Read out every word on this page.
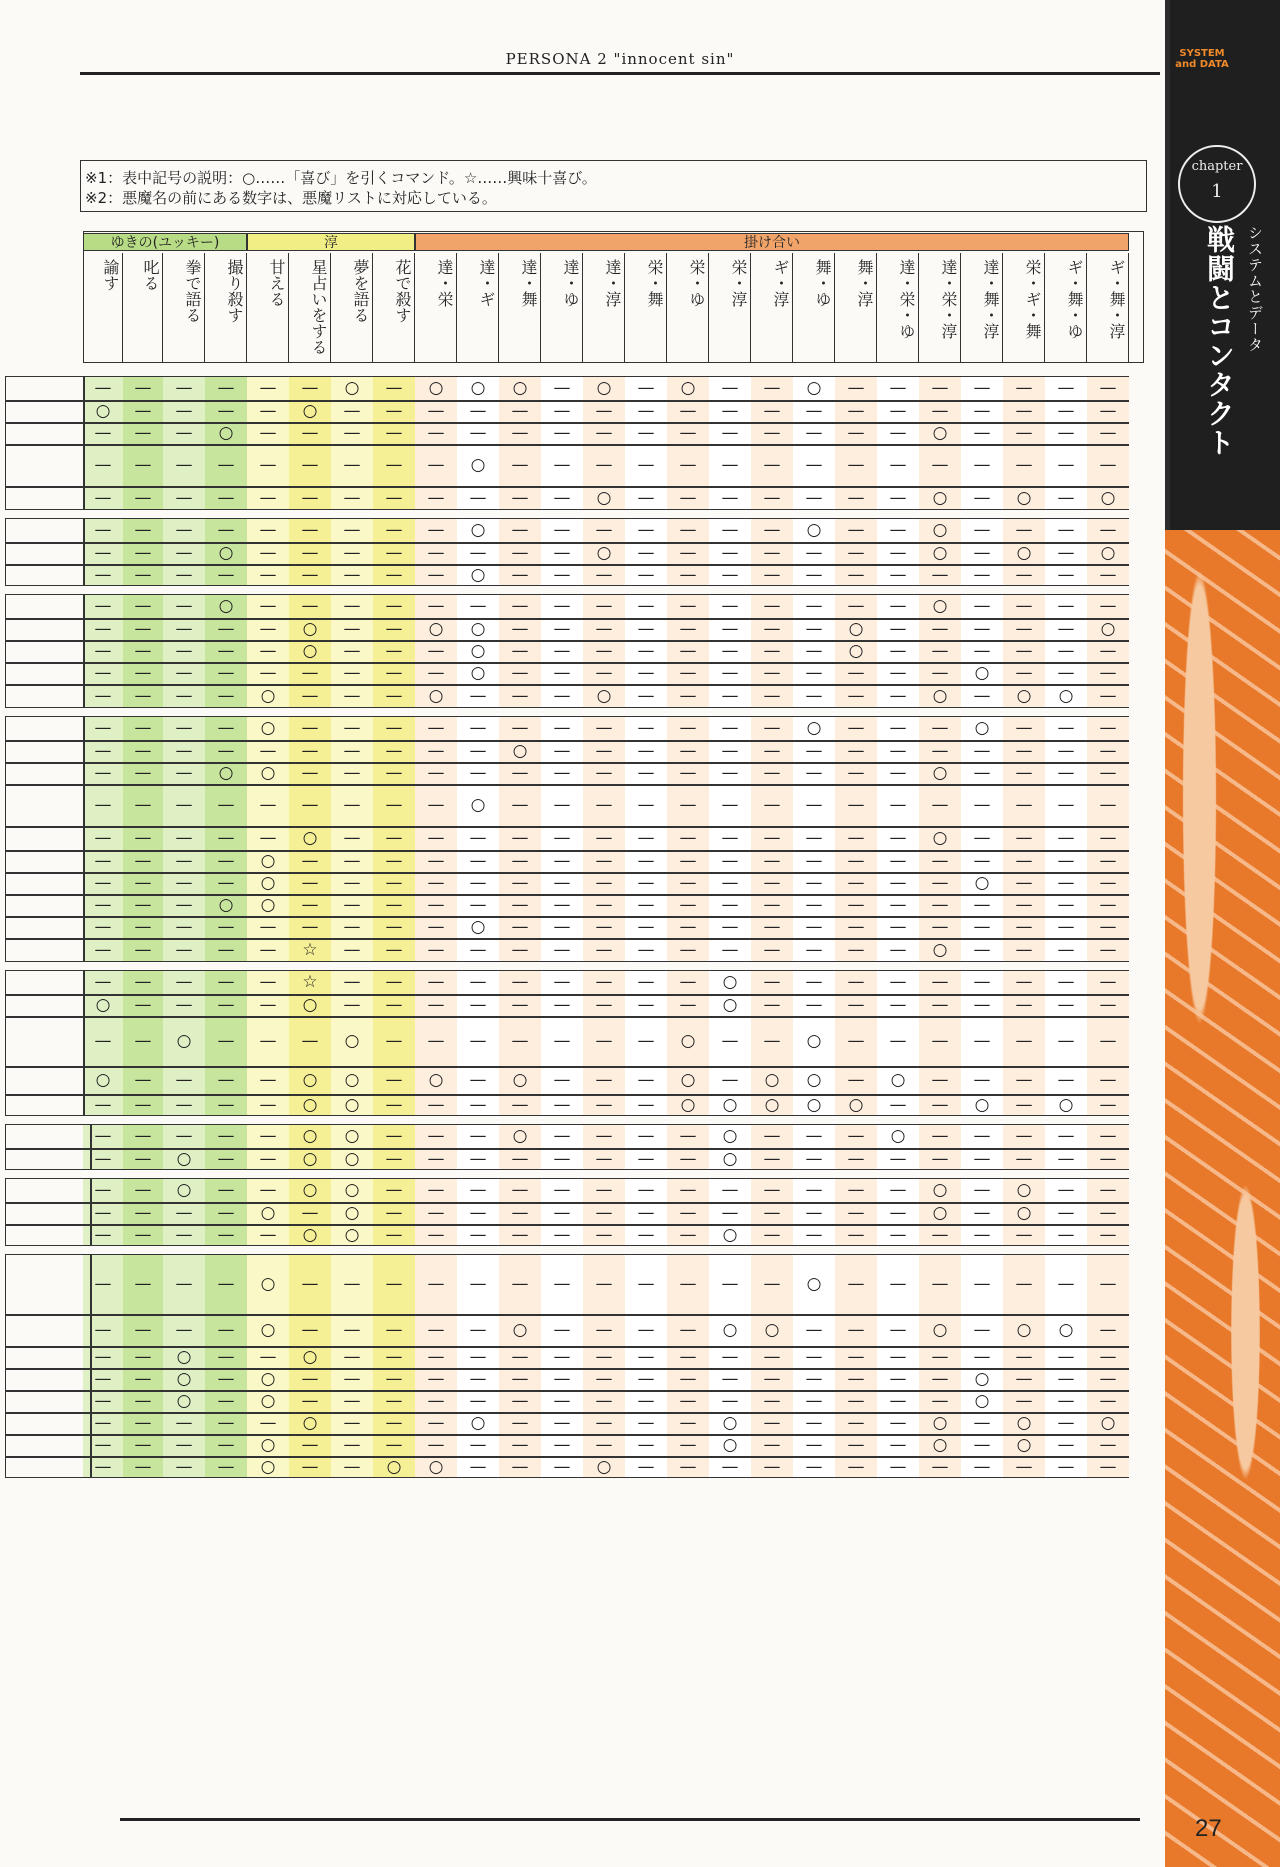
PERSONA 2 "innocent sin"
※1：表中記号の説明：○……「喜び」を引くコマンド。☆……興味十喜び。
※2：悪魔名の前にある数字は、悪魔リストに対応している。
ゆきの(ユッキー)	淳	掛け合い
諭す	叱る	拳で語る	撮り殺す	甘える	星占いをする	夢を語る	花で殺す	達・栄	達・ギ	達・舞	達・ゆ	達・淳	栄・舞	栄・ゆ	栄・淳	ギ・淳	舞・ゆ	舞・淳	達・栄・ゆ	達・栄・淳	達・舞・淳	栄・ギ・舞	ギ・舞・ゆ	ギ・舞・淳
—	—	—	—	—	—	○	—	○	○	○	—	○	—	○	—	—	○	—	—	—	—	—	—	—
○	—	—	—	—	○	—	—	—	—	—	—	—	—	—	—	—	—	—	—	—	—	—	—	—
—	—	—	○	—	—	—	—	—	—	—	—	—	—	—	—	—	—	—	—	○	—	—	—	—
—	—	—	—	—	—	—	—	—	○	—	—	—	—	—	—	—	—	—	—	—	—	—	—	—
—	—	—	—	—	—	—	—	—	—	—	—	○	—	—	—	—	—	—	—	○	—	○	—	○
—	—	—	—	—	—	—	—	—	○	—	—	—	—	—	—	—	○	—	—	○	—	—	—	—
—	—	—	○	—	—	—	—	—	—	—	—	○	—	—	—	—	—	—	—	○	—	○	—	○
—	—	—	—	—	—	—	—	—	○	—	—	—	—	—	—	—	—	—	—	—	—	—	—	—
—	—	—	○	—	—	—	—	—	—	—	—	—	—	—	—	—	—	—	—	○	—	—	—	—
—	—	—	—	—	○	—	—	○	○	—	—	—	—	—	—	—	—	○	—	—	—	—	—	○
—	—	—	—	—	○	—	—	—	○	—	—	—	—	—	—	—	—	○	—	—	—	—	—	—
—	—	—	—	—	—	—	—	—	○	—	—	—	—	—	—	—	—	—	—	—	○	—	—	—
—	—	—	—	○	—	—	—	○	—	—	—	○	—	—	—	—	—	—	—	○	—	○	○	—
—	—	—	—	○	—	—	—	—	—	—	—	—	—	—	—	—	○	—	—	—	○	—	—	—
—	—	—	—	—	—	—	—	—	—	○	—	—	—	—	—	—	—	—	—	—	—	—	—	—
—	—	—	○	○	—	—	—	—	—	—	—	—	—	—	—	—	—	—	—	○	—	—	—	—
—	—	—	—	—	—	—	—	—	○	—	—	—	—	—	—	—	—	—	—	—	—	—	—	—
—	—	—	—	—	○	—	—	—	—	—	—	—	—	—	—	—	—	—	—	○	—	—	—	—
—	—	—	—	○	—	—	—	—	—	—	—	—	—	—	—	—	—	—	—	—	—	—	—	—
—	—	—	—	○	—	—	—	—	—	—	—	—	—	—	—	—	—	—	—	—	○	—	—	—
—	—	—	○	○	—	—	—	—	—	—	—	—	—	—	—	—	—	—	—	—	—	—	—	—
—	—	—	—	—	—	—	—	—	○	—	—	—	—	—	—	—	—	—	—	—	—	—	—	—
—	—	—	—	—	☆	—	—	—	—	—	—	—	—	—	—	—	—	—	—	○	—	—	—	—
—	—	—	—	—	☆	—	—	—	—	—	—	—	—	—	○	—	—	—	—	—	—	—	—	—
○	—	—	—	—	○	—	—	—	—	—	—	—	—	—	○	—	—	—	—	—	—	—	—	—
—	—	○	—	—	—	○	—	—	—	—	—	—	—	○	—	—	○	—	—	—	—	—	—	—
○	—	—	—	—	○	○	—	○	—	○	—	—	—	○	—	○	○	—	○	—	—	—	—	—
—	—	—	—	—	○	○	—	—	—	—	—	—	—	○	○	○	○	○	—	—	○	—	○	—
—	—	—	—	—	○	○	—	—	—	○	—	—	—	—	○	—	—	—	○	—	—	—	—	—
—	—	○	—	—	○	○	—	—	—	—	—	—	—	—	○	—	—	—	—	—	—	—	—	—
—	—	○	—	—	○	○	—	—	—	—	—	—	—	—	—	—	—	—	—	○	—	○	—	—
—	—	—	—	○	—	○	—	—	—	—	—	—	—	—	—	—	—	—	—	○	—	○	—	—
—	—	—	—	—	○	○	—	—	—	—	—	—	—	—	○	—	—	—	—	—	—	—	—	—
—	—	—	—	○	—	—	—	—	—	—	—	—	—	—	—	—	○	—	—	—	—	—	—	—
—	—	—	—	○	—	—	—	—	—	○	—	—	—	—	○	○	—	—	—	○	—	○	○	—
—	—	○	—	—	○	—	—	—	—	—	—	—	—	—	—	—	—	—	—	—	—	—	—	—
—	—	○	—	○	—	—	—	—	—	—	—	—	—	—	—	—	—	—	—	—	○	—	—	—
—	—	○	—	○	—	—	—	—	—	—	—	—	—	—	—	—	—	—	—	—	○	—	—	—
—	—	—	—	—	○	—	—	—	○	—	—	—	—	—	○	—	—	—	—	○	—	○	—	○
—	—	—	—	○	—	—	—	—	—	—	—	—	—	—	○	—	—	—	—	○	—	○	—	—
—	—	—	—	○	—	—	○	○	—	—	—	○	—	—	—	—	—	—	—	—	—	—	—	—
SYSTEM and DATA
chapter
1
システムとデータ
戦闘とコンタクト
27
